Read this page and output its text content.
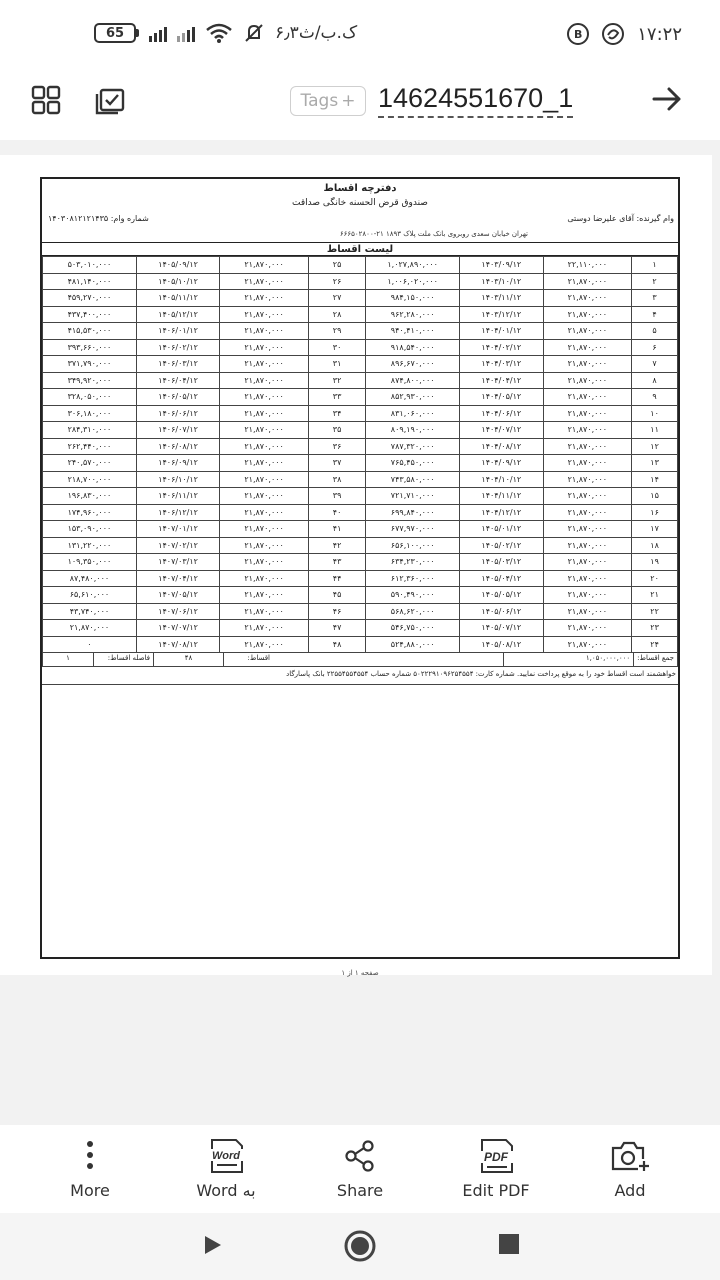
65	۶٫۳ک.ب/ث	B	۱۷:۲۲
Tags + 14624551670_1
دفترچه اقساط
صندوق قرض الحسنه خانگی صداقت
وام گیرنده: آقای علیرضا دوستی
شماره وام: ۱۴۰۳۰۸۱۲۱۲۱۴۳۵
تهران خیابان سعدی روبروی بانک ملت پلاک ۱۸۹۳ ۲۱-۶۶۶۵۰۲۸۰۰
لیست اقساط
۱	۲۲,۱۱۰,۰۰۰	۱۴۰۳/۰۹/۱۲	۱,۰۲۷,۸۹۰,۰۰۰	۲۵	۲۱,۸۷۰,۰۰۰	۱۴۰۵/۰۹/۱۲	۵۰۳,۰۱۰,۰۰۰
۲	۲۱,۸۷۰,۰۰۰	۱۴۰۳/۱۰/۱۲	۱,۰۰۶,۰۲۰,۰۰۰	۲۶	۲۱,۸۷۰,۰۰۰	۱۴۰۵/۱۰/۱۲	۴۸۱,۱۴۰,۰۰۰
۳	۲۱,۸۷۰,۰۰۰	۱۴۰۳/۱۱/۱۲	۹۸۴,۱۵۰,۰۰۰	۲۷	۲۱,۸۷۰,۰۰۰	۱۴۰۵/۱۱/۱۲	۴۵۹,۲۷۰,۰۰۰
۴	۲۱,۸۷۰,۰۰۰	۱۴۰۳/۱۲/۱۲	۹۶۲,۲۸۰,۰۰۰	۲۸	۲۱,۸۷۰,۰۰۰	۱۴۰۵/۱۲/۱۲	۴۳۷,۴۰۰,۰۰۰
۵	۲۱,۸۷۰,۰۰۰	۱۴۰۴/۰۱/۱۲	۹۴۰,۴۱۰,۰۰۰	۲۹	۲۱,۸۷۰,۰۰۰	۱۴۰۶/۰۱/۱۲	۴۱۵,۵۳۰,۰۰۰
۶	۲۱,۸۷۰,۰۰۰	۱۴۰۴/۰۲/۱۲	۹۱۸,۵۴۰,۰۰۰	۳۰	۲۱,۸۷۰,۰۰۰	۱۴۰۶/۰۲/۱۲	۳۹۳,۶۶۰,۰۰۰
۷	۲۱,۸۷۰,۰۰۰	۱۴۰۴/۰۳/۱۲	۸۹۶,۶۷۰,۰۰۰	۳۱	۲۱,۸۷۰,۰۰۰	۱۴۰۶/۰۳/۱۲	۳۷۱,۷۹۰,۰۰۰
۸	۲۱,۸۷۰,۰۰۰	۱۴۰۴/۰۴/۱۲	۸۷۴,۸۰۰,۰۰۰	۳۲	۲۱,۸۷۰,۰۰۰	۱۴۰۶/۰۴/۱۲	۳۴۹,۹۲۰,۰۰۰
۹	۲۱,۸۷۰,۰۰۰	۱۴۰۴/۰۵/۱۲	۸۵۲,۹۳۰,۰۰۰	۳۳	۲۱,۸۷۰,۰۰۰	۱۴۰۶/۰۵/۱۲	۳۲۸,۰۵۰,۰۰۰
۱۰	۲۱,۸۷۰,۰۰۰	۱۴۰۴/۰۶/۱۲	۸۳۱,۰۶۰,۰۰۰	۳۴	۲۱,۸۷۰,۰۰۰	۱۴۰۶/۰۶/۱۲	۳۰۶,۱۸۰,۰۰۰
۱۱	۲۱,۸۷۰,۰۰۰	۱۴۰۴/۰۷/۱۲	۸۰۹,۱۹۰,۰۰۰	۳۵	۲۱,۸۷۰,۰۰۰	۱۴۰۶/۰۷/۱۲	۲۸۴,۳۱۰,۰۰۰
۱۲	۲۱,۸۷۰,۰۰۰	۱۴۰۴/۰۸/۱۲	۷۸۷,۳۲۰,۰۰۰	۳۶	۲۱,۸۷۰,۰۰۰	۱۴۰۶/۰۸/۱۲	۲۶۲,۴۴۰,۰۰۰
۱۳	۲۱,۸۷۰,۰۰۰	۱۴۰۴/۰۹/۱۲	۷۶۵,۴۵۰,۰۰۰	۳۷	۲۱,۸۷۰,۰۰۰	۱۴۰۶/۰۹/۱۲	۲۴۰,۵۷۰,۰۰۰
۱۴	۲۱,۸۷۰,۰۰۰	۱۴۰۴/۱۰/۱۲	۷۴۳,۵۸۰,۰۰۰	۳۸	۲۱,۸۷۰,۰۰۰	۱۴۰۶/۱۰/۱۲	۲۱۸,۷۰۰,۰۰۰
۱۵	۲۱,۸۷۰,۰۰۰	۱۴۰۴/۱۱/۱۲	۷۲۱,۷۱۰,۰۰۰	۳۹	۲۱,۸۷۰,۰۰۰	۱۴۰۶/۱۱/۱۲	۱۹۶,۸۳۰,۰۰۰
۱۶	۲۱,۸۷۰,۰۰۰	۱۴۰۴/۱۲/۱۲	۶۹۹,۸۴۰,۰۰۰	۴۰	۲۱,۸۷۰,۰۰۰	۱۴۰۶/۱۲/۱۲	۱۷۴,۹۶۰,۰۰۰
۱۷	۲۱,۸۷۰,۰۰۰	۱۴۰۵/۰۱/۱۲	۶۷۷,۹۷۰,۰۰۰	۴۱	۲۱,۸۷۰,۰۰۰	۱۴۰۷/۰۱/۱۲	۱۵۳,۰۹۰,۰۰۰
۱۸	۲۱,۸۷۰,۰۰۰	۱۴۰۵/۰۲/۱۲	۶۵۶,۱۰۰,۰۰۰	۴۲	۲۱,۸۷۰,۰۰۰	۱۴۰۷/۰۲/۱۲	۱۳۱,۲۲۰,۰۰۰
۱۹	۲۱,۸۷۰,۰۰۰	۱۴۰۵/۰۳/۱۲	۶۳۴,۲۳۰,۰۰۰	۴۳	۲۱,۸۷۰,۰۰۰	۱۴۰۷/۰۳/۱۲	۱۰۹,۳۵۰,۰۰۰
۲۰	۲۱,۸۷۰,۰۰۰	۱۴۰۵/۰۴/۱۲	۶۱۲,۳۶۰,۰۰۰	۴۴	۲۱,۸۷۰,۰۰۰	۱۴۰۷/۰۴/۱۲	۸۷,۴۸۰,۰۰۰
۲۱	۲۱,۸۷۰,۰۰۰	۱۴۰۵/۰۵/۱۲	۵۹۰,۴۹۰,۰۰۰	۴۵	۲۱,۸۷۰,۰۰۰	۱۴۰۷/۰۵/۱۲	۶۵,۶۱۰,۰۰۰
۲۲	۲۱,۸۷۰,۰۰۰	۱۴۰۵/۰۶/۱۲	۵۶۸,۶۲۰,۰۰۰	۴۶	۲۱,۸۷۰,۰۰۰	۱۴۰۷/۰۶/۱۲	۴۳,۷۴۰,۰۰۰
۲۳	۲۱,۸۷۰,۰۰۰	۱۴۰۵/۰۷/۱۲	۵۴۶,۷۵۰,۰۰۰	۴۷	۲۱,۸۷۰,۰۰۰	۱۴۰۷/۰۷/۱۲	۲۱,۸۷۰,۰۰۰
۲۴	۲۱,۸۷۰,۰۰۰	۱۴۰۵/۰۸/۱۲	۵۲۴,۸۸۰,۰۰۰	۴۸	۲۱,۸۷۰,۰۰۰	۱۴۰۷/۰۸/۱۲	۰
جمع اقساط:
۱,۰۵۰,۰۰۰,۰۰۰
اقساط:
۴۸
فاصله اقساط:
۱
خواهشمند است اقساط خود را به موقع پرداخت نمایید. شماره کارت: ۵۰۲۲۲۹۱۰۹۶۲۵۴۵۵۴ شماره حساب ۲۲۵۵۴۵۵۴۵۵۴ بانک پاسارگاد
صفحه ۱ از ۱
More
Word
Word به	Share
PDF
Edit PDF	Add
